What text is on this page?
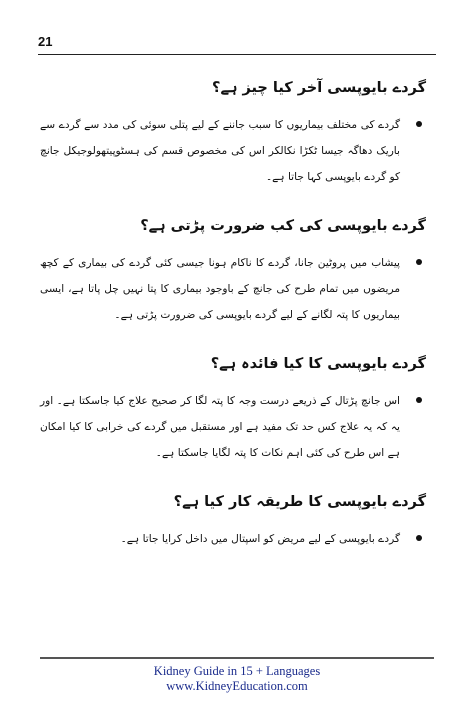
21
گردے بایوپسی آخر کیا چیز ہے؟
گردے کی مختلف بیماریوں کا سبب جاننے کے لیے پتلی سوئی کی مدد سے گردے سے باریک دھاگہ جیسا ٹکڑا نکالکر اس کی مخصوص قسم کی ہسٹوپیتھولوجیکل جانچ کو گردے بایوپسی کہا جاتا ہے۔
گردے بایوپسی کی کب ضرورت پڑتی ہے؟
پیشاب میں پروٹین جانا، گردے کا ناکام ہونا جیسی کئی گردے کی بیماری کے کچھ مریضوں میں تمام طرح کی جانچ کے باوجود بیماری کا پتا نہیں چل پاتا ہے، ایسی بیماریوں کا پتہ لگانے کے لیے گردے بایوپسی کی ضرورت پڑتی ہے۔
گردے بایوپسی کا کیا فائدہ ہے؟
اس جانچ پڑتال کے ذریعے درست وجہ کا پتہ لگا کر صحیح علاج کیا جاسکتا ہے۔ اور یہ کہ یہ علاج کس حد تک مفید ہے اور مستقبل میں گردے کی خرابی کا کیا امکان ہے اس طرح کی کئی اہم نکات کا پتہ لگایا جاسکتا ہے۔
گردے بایوپسی کا طریقہ کار کیا ہے؟
گردے بایوپسی کے لیے مریض کو اسپتال میں داخل کرایا جاتا ہے۔
Kidney Guide in 15 + Languages
www.KidneyEducation.com
